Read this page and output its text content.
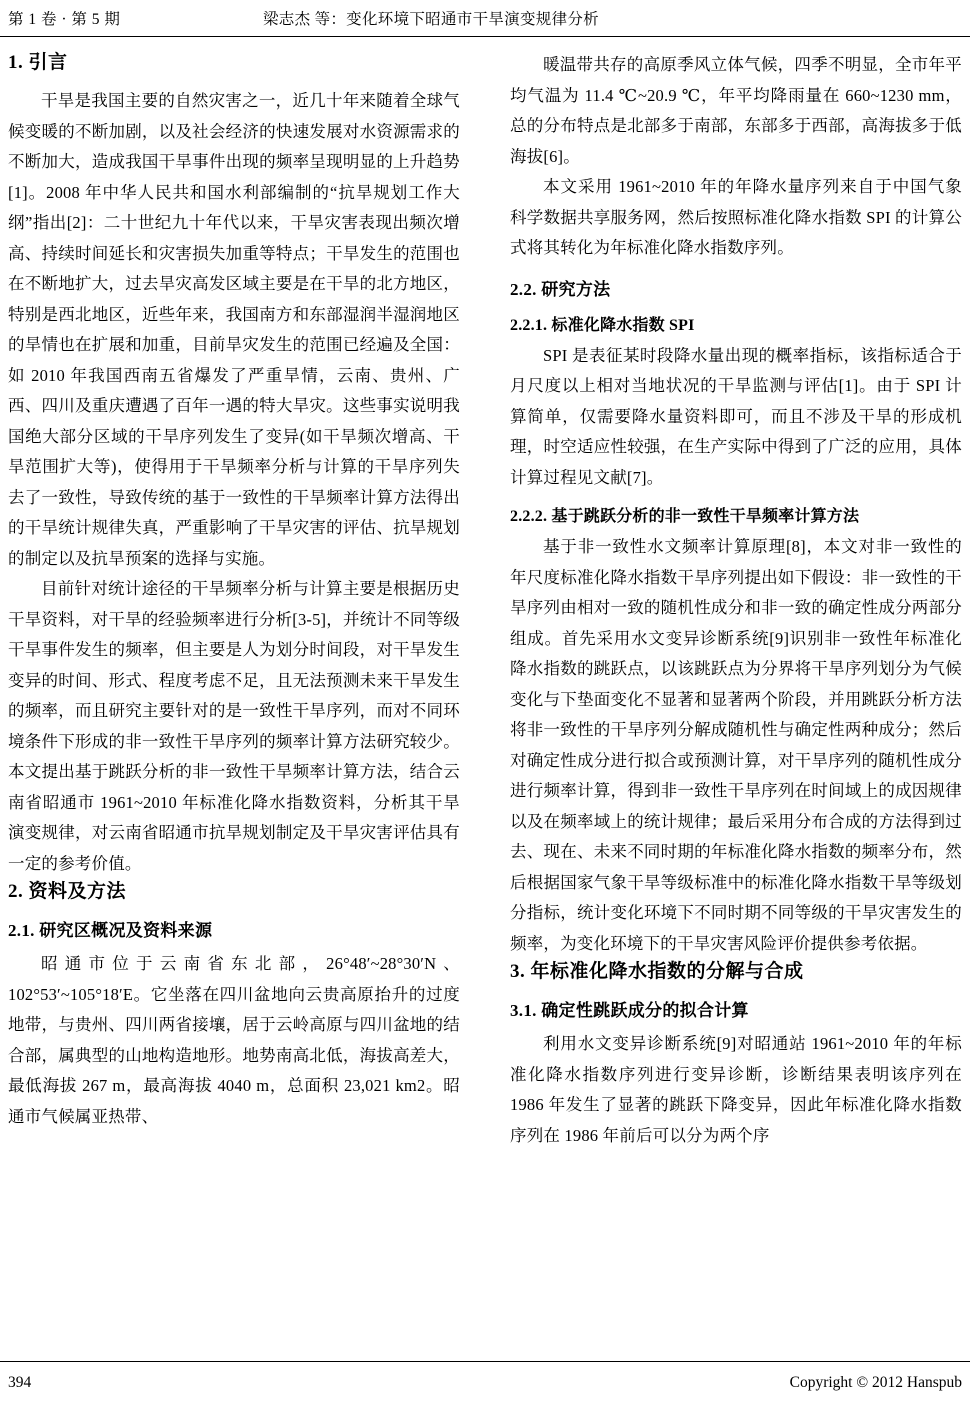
第 1 卷 · 第 5 期	梁志杰 等：变化环境下昭通市干旱演变规律分析
1. 引言

干旱是我国主要的自然灾害之一，近几十年来随着全球气候变暖的不断加剧，以及社会经济的快速发展对水资源需求的不断加大，造成我国干旱事件出现的频率呈现明显的上升趋势[1]。2008 年中华人民共和国水利部编制的“抗旱规划工作大纲”指出[2]：二十世纪九十年代以来，干旱灾害表现出频次增高、持续时间延长和灾害损失加重等特点；干旱发生的范围也在不断地扩大，过去旱灾高发区域主要是在干旱的北方地区，特别是西北地区，近些年来，我国南方和东部湿润半湿润地区的旱情也在扩展和加重，目前旱灾发生的范围已经遍及全国：如 2010 年我国西南五省爆发了严重旱情，云南、贵州、广西、四川及重庆遭遇了百年一遇的特大旱灾。这些事实说明我国绝大部分区域的干旱序列发生了变异(如干旱频次增高、干旱范围扩大等)，使得用于干旱频率分析与计算的干旱序列失去了一致性，导致传统的基于一致性的干旱频率计算方法得出的干旱统计规律失真，严重影响了干旱灾害的评估、抗旱规划的制定以及抗旱预案的选择与实施。

目前针对统计途径的干旱频率分析与计算主要是根据历史干旱资料，对干旱的经验频率进行分析[3-5]，并统计不同等级干旱事件发生的频率，但主要是人为划分时间段，对干旱发生变异的时间、形式、程度考虑不足，且无法预测未来干旱发生的频率，而且研究主要针对的是一致性干旱序列，而对不同环境条件下形成的非一致性干旱序列的频率计算方法研究较少。本文提出基于跳跃分析的非一致性干旱频率计算方法，结合云南省昭通市 1961~2010 年标准化降水指数资料，分析其干旱演变规律，对云南省昭通市抗旱规划制定及干旱灾害评估具有一定的参考价值。

2. 资料及方法
2.1. 研究区概况及资料来源

昭通市位于云南省东北部，26°48′~28°30′N、102°53′~105°18′E。它坐落在四川盆地向云贵高原抬升的过度地带，与贵州、四川两省接壤，居于云岭高原与四川盆地的结合部，属典型的山地构造地形。地势南高北低，海拔高差大，最低海拔 267 m，最高海拔 4040 m，总面积 23,021 km2。昭通市气候属亚热带、

暖温带共存的高原季风立体气候，四季不明显，全市年平均气温为 11.4 ℃~20.9 ℃，年平均降雨量在 660~1230 mm，总的分布特点是北部多于南部，东部多于西部，高海拔多于低海拔[6]。

本文采用 1961~2010 年的年降水量序列来自于中国气象科学数据共享服务网，然后按照标准化降水指数 SPI 的计算公式将其转化为年标准化降水指数序列。

2.2. 研究方法
2.2.1. 标准化降水指数 SPI

SPI 是表征某时段降水量出现的概率指标，该指标适合于月尺度以上相对当地状况的干旱监测与评估[1]。由于 SPI 计算简单，仅需要降水量资料即可，而且不涉及干旱的形成机理，时空适应性较强，在生产实际中得到了广泛的应用，具体计算过程见文献[7]。

2.2.2. 基于跳跃分析的非一致性干旱频率计算方法

基于非一致性水文频率计算原理[8]，本文对非一致性的年尺度标准化降水指数干旱序列提出如下假设：非一致性的干旱序列由相对一致的随机性成分和非一致的确定性成分两部分组成。首先采用水文变异诊断系统[9]识别非一致性年标准化降水指数的跳跃点，以该跳跃点为分界将干旱序列划分为气候变化与下垫面变化不显著和显著两个阶段，并用跳跃分析方法将非一致性的干旱序列分解成随机性与确定性两种成分；然后对确定性成分进行拟合或预测计算，对干旱序列的随机性成分进行频率计算，得到非一致性干旱序列在时间域上的成因规律以及在频率域上的统计规律；最后采用分布合成的方法得到过去、现在、未来不同时期的年标准化降水指数的频率分布，然后根据国家气象干旱等级标准中的标准化降水指数干旱等级划分指标，统计变化环境下不同时期不同等级的干旱灾害发生的频率，为变化环境下的干旱灾害风险评价提供参考依据。

3. 年标准化降水指数的分解与合成
3.1. 确定性跳跃成分的拟合计算

利用水文变异诊断系统[9]对昭通站 1961~2010 年的年标准化降水指数序列进行变异诊断，诊断结果表明该序列在 1986 年发生了显著的跳跃下降变异，因此年标准化降水指数序列在 1986 年前后可以分为两个序

394	Copyright © 2012 Hanspub
